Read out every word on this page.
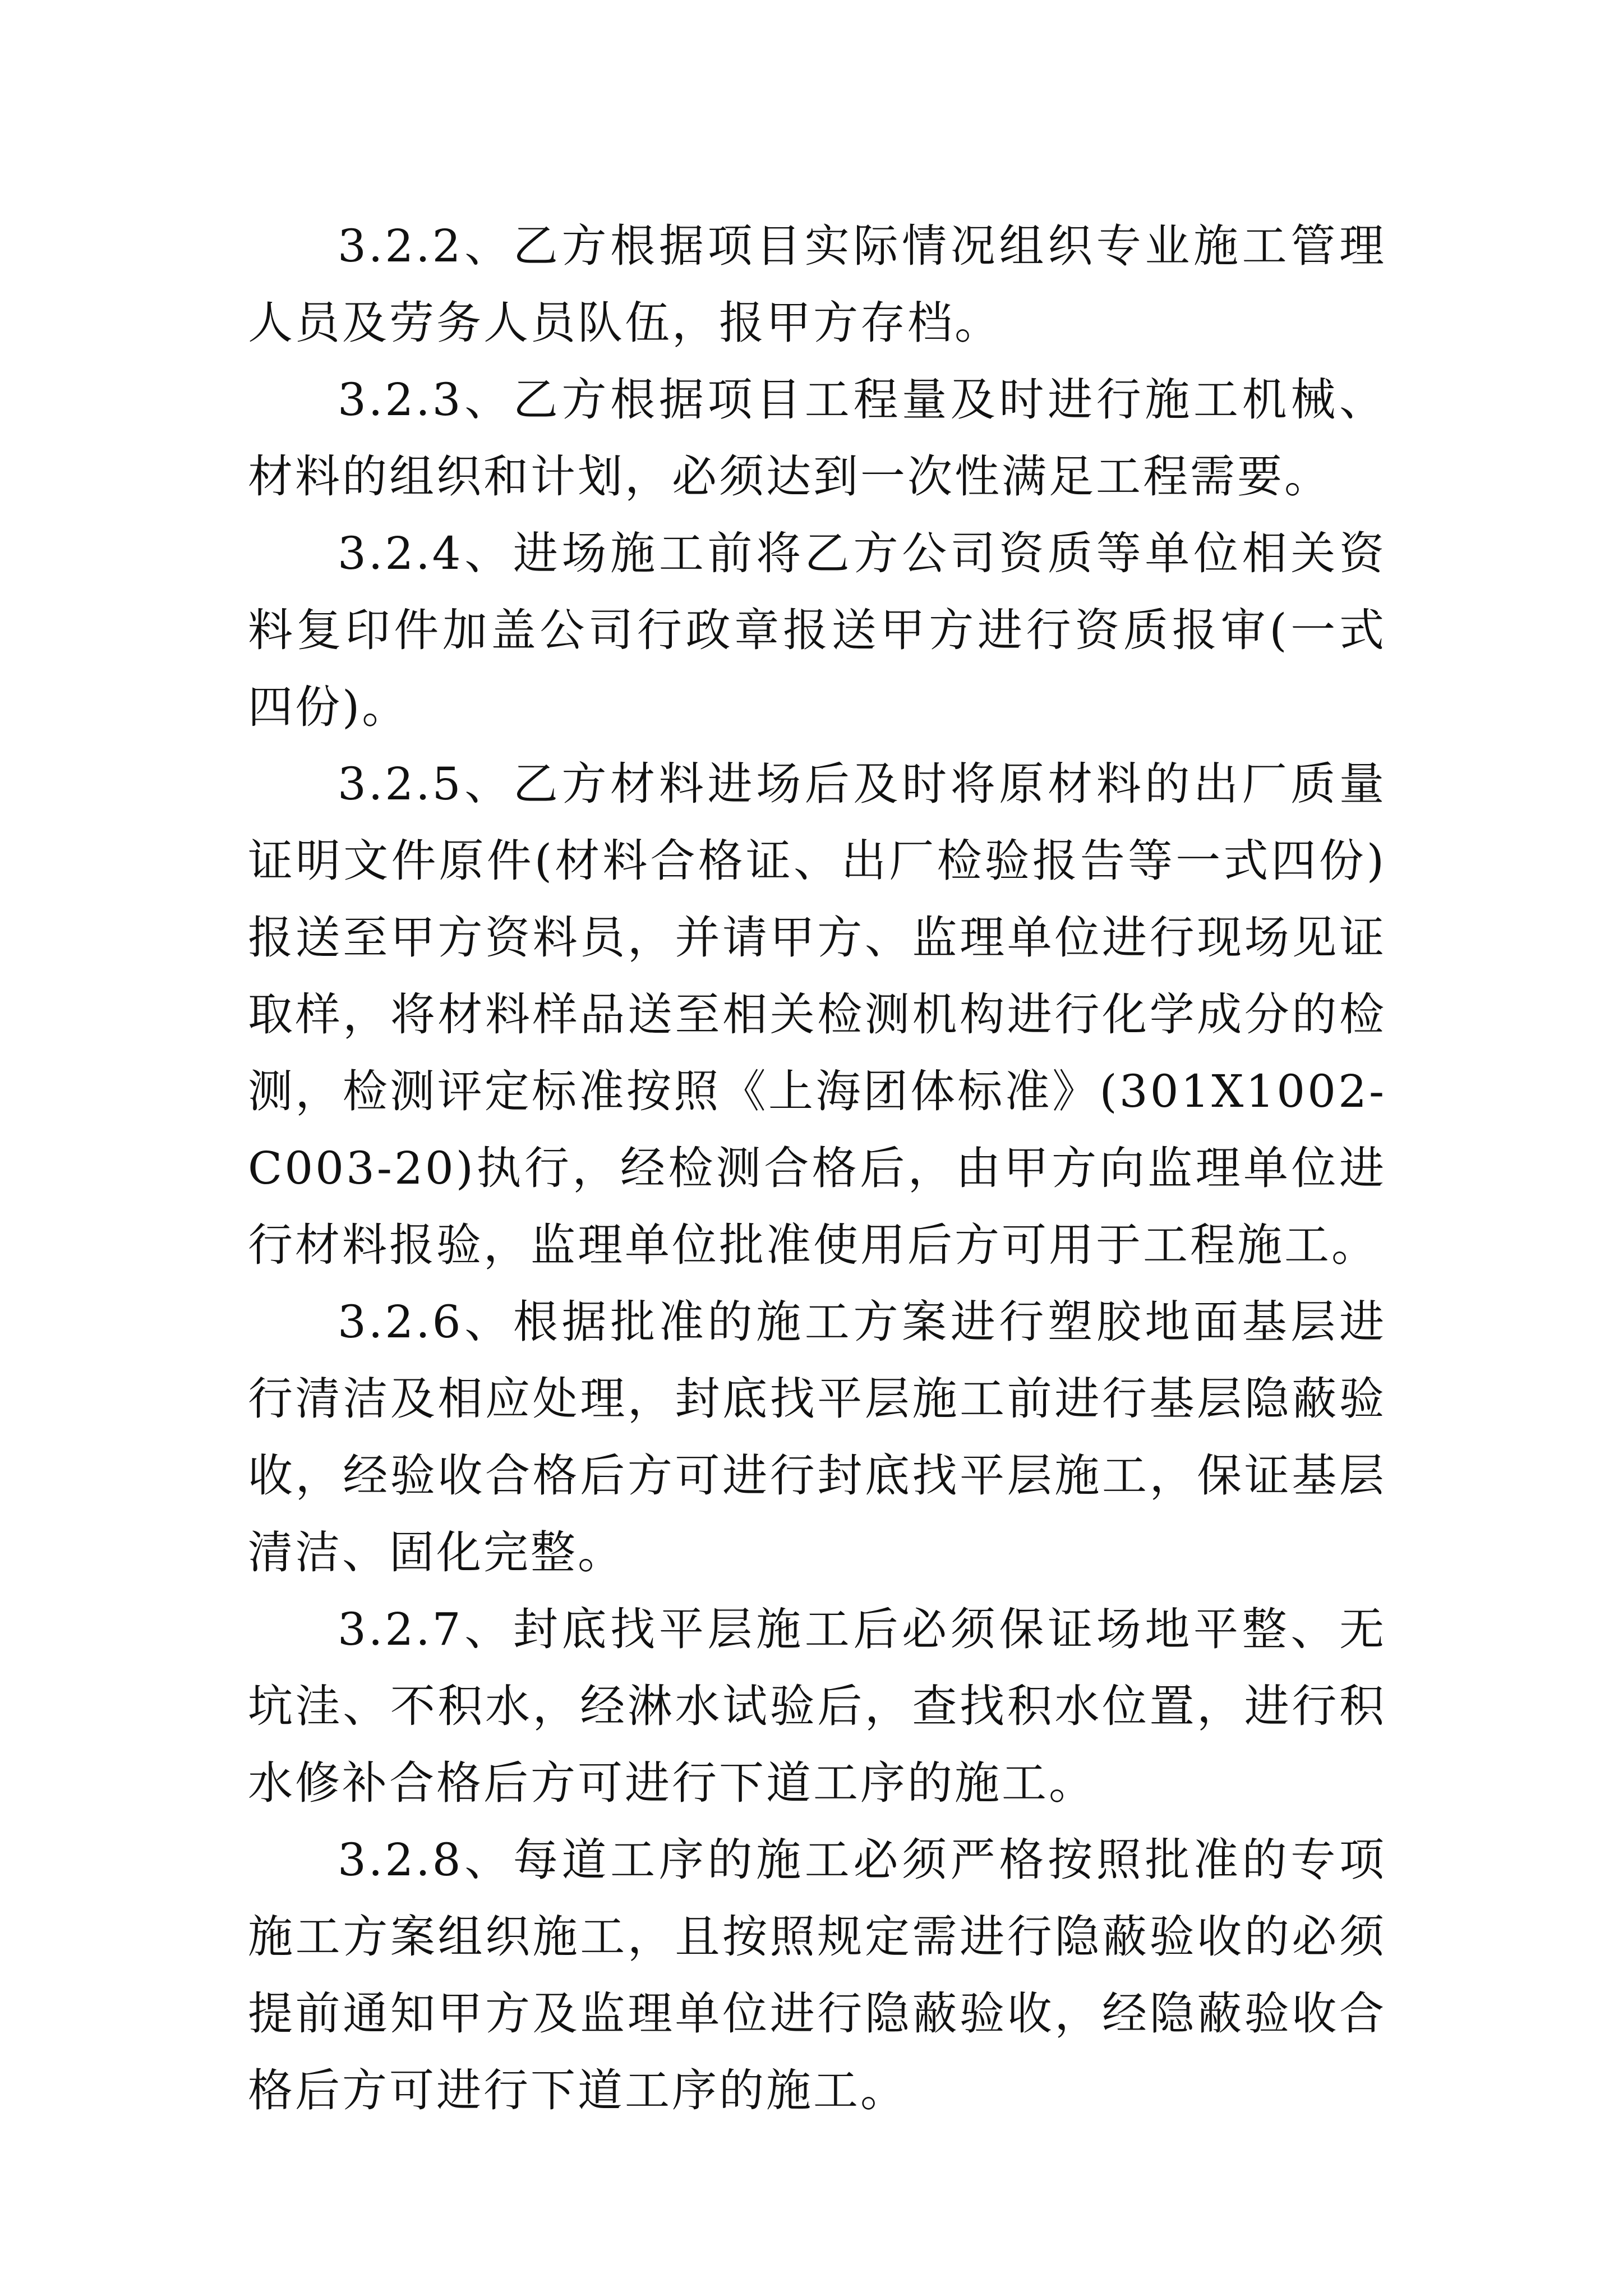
3.2.2、乙方根据项目实际情况组织专业施工管理人员及劳务人员队伍，报甲方存档。

3.2.3、乙方根据项目工程量及时进行施工机械、材料的组织和计划，必须达到一次性满足工程需要。

3.2.4、进场施工前将乙方公司资质等单位相关资料复印件加盖公司行政章报送甲方进行资质报审(一式四份)。

3.2.5、乙方材料进场后及时将原材料的出厂质量证明文件原件(材料合格证、出厂检验报告等一式四份)报送至甲方资料员，并请甲方、监理单位进行现场见证取样，将材料样品送至相关检测机构进行化学成分的检测，检测评定标准按照《上海团体标准》(301X1002-C003-20)执行，经检测合格后，由甲方向监理单位进行材料报验，监理单位批准使用后方可用于工程施工。

3.2.6、根据批准的施工方案进行塑胶地面基层进行清洁及相应处理，封底找平层施工前进行基层隐蔽验收，经验收合格后方可进行封底找平层施工，保证基层清洁、固化完整。

3.2.7、封底找平层施工后必须保证场地平整、无坑洼、不积水，经淋水试验后，查找积水位置，进行积水修补合格后方可进行下道工序的施工。

3.2.8、每道工序的施工必须严格按照批准的专项施工方案组织施工，且按照规定需进行隐蔽验收的必须提前通知甲方及监理单位进行隐蔽验收，经隐蔽验收合格后方可进行下道工序的施工。
